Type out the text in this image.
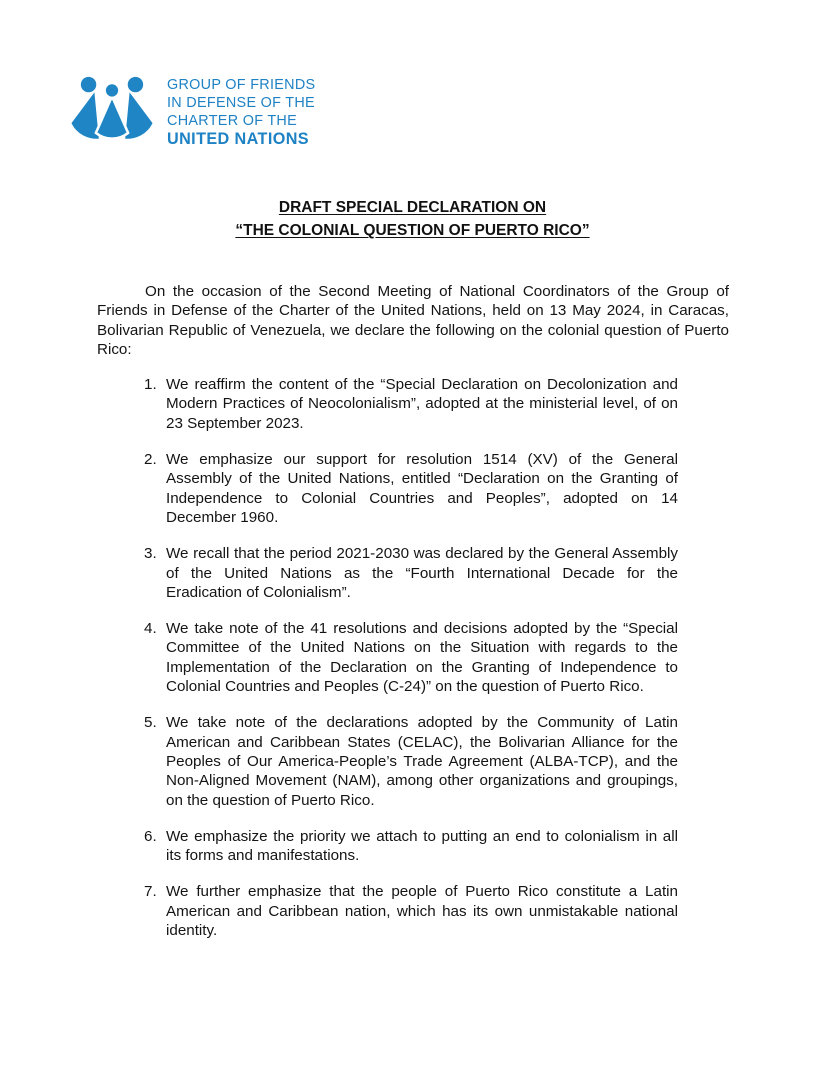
GROUP OF FRIENDS
IN DEFENSE OF THE
CHARTER OF THE
UNITED NATIONS
DRAFT SPECIAL DECLARATION ON
“THE COLONIAL QUESTION OF PUERTO RICO”

On the occasion of the Second Meeting of National Coordinators of the Group of Friends in Defense of the Charter of the United Nations, held on 13 May 2024, in Caracas, Bolivarian Republic of Venezuela, we declare the following on the colonial question of Puerto Rico:

1. We reaffirm the content of the “Special Declaration on Decolonization and Modern Practices of Neocolonialism”, adopted at the ministerial level, of on 23 September 2023.
2. We emphasize our support for resolution 1514 (XV) of the General Assembly of the United Nations, entitled “Declaration on the Granting of Independence to Colonial Countries and Peoples”, adopted on 14 December 1960.
3. We recall that the period 2021-2030 was declared by the General Assembly of the United Nations as the “Fourth International Decade for the Eradication of Colonialism”.
4. We take note of the 41 resolutions and decisions adopted by the “Special Committee of the United Nations on the Situation with regards to the Implementation of the Declaration on the Granting of Independence to Colonial Countries and Peoples (C-24)” on the question of Puerto Rico.
5. We take note of the declarations adopted by the Community of Latin American and Caribbean States (CELAC), the Bolivarian Alliance for the Peoples of Our America-People’s Trade Agreement (ALBA-TCP), and the Non-Aligned Movement (NAM), among other organizations and groupings, on the question of Puerto Rico.
6. We emphasize the priority we attach to putting an end to colonialism in all its forms and manifestations.
7. We further emphasize that the people of Puerto Rico constitute a Latin American and Caribbean nation, which has its own unmistakable national identity.
